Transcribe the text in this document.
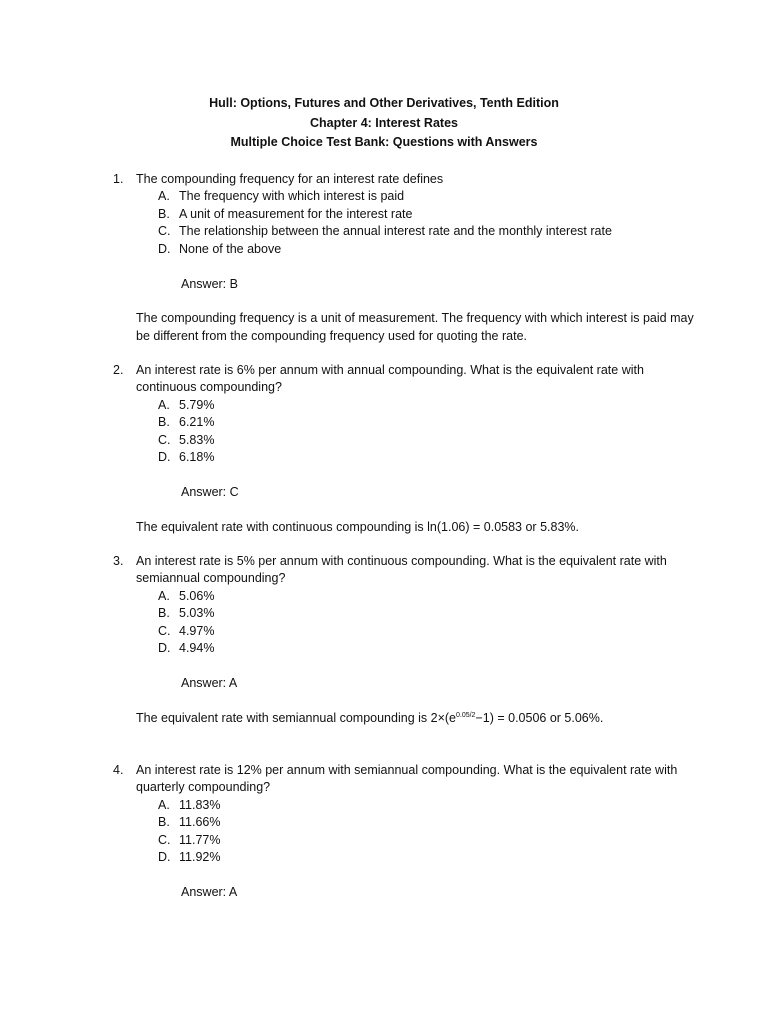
Hull: Options, Futures and Other Derivatives, Tenth Edition
Chapter 4: Interest Rates
Multiple Choice Test Bank: Questions with Answers
1. The compounding frequency for an interest rate defines
A. The frequency with which interest is paid
B. A unit of measurement for the interest rate
C. The relationship between the annual interest rate and the monthly interest rate
D. None of the above
Answer: B
The compounding frequency is a unit of measurement. The frequency with which interest is paid may be different from the compounding frequency used for quoting the rate.
2. An interest rate is 6% per annum with annual compounding. What is the equivalent rate with continuous compounding?
A. 5.79%
B. 6.21%
C. 5.83%
D. 6.18%
Answer: C
The equivalent rate with continuous compounding is ln(1.06) = 0.0583 or 5.83%.
3. An interest rate is 5% per annum with continuous compounding. What is the equivalent rate with semiannual compounding?
A. 5.06%
B. 5.03%
C. 4.97%
D. 4.94%
Answer: A
The equivalent rate with semiannual compounding is $2\times(e^{0.05/2}-1) = 0.0506$ or 5.06%.
4. An interest rate is 12% per annum with semiannual compounding. What is the equivalent rate with quarterly compounding?
A. 11.83%
B. 11.66%
C. 11.77%
D. 11.92%
Answer: A
